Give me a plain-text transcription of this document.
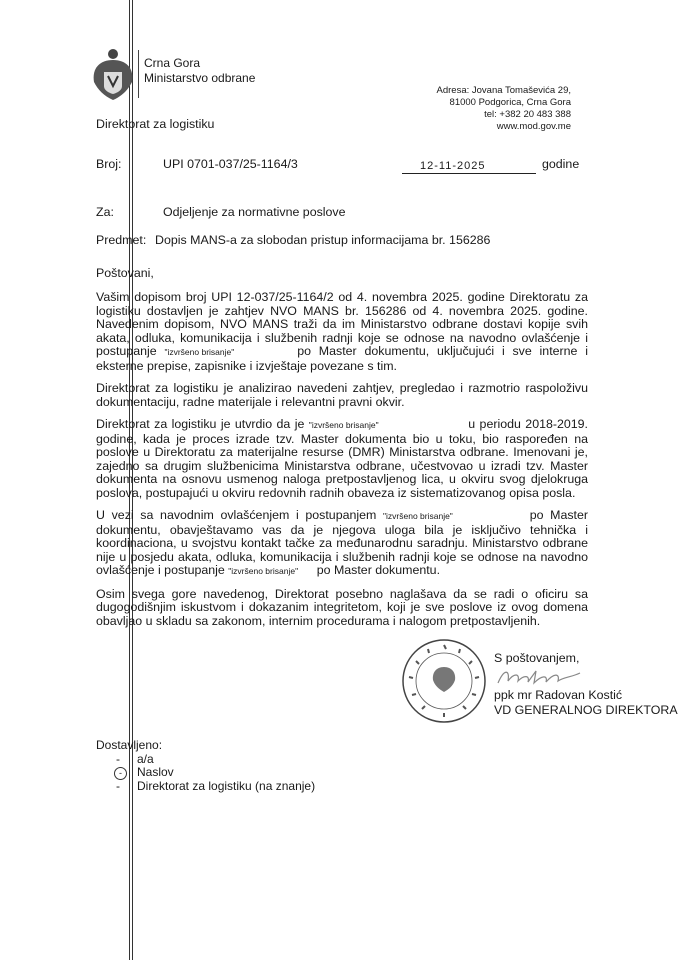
Crna Gora
Ministarstvo odbrane
Adresa: Jovana Tomaševića 29,
81000 Podgorica, Crna Gora
tel: +382 20 483 388
www.mod.gov.me
Direktorat za logistiku
Broj:	UPI 0701-037/25-1164/3	12-11-2025	godine
Za:	Odjeljenje za normativne poslove
Predmet: Dopis MANS-a za slobodan pristup informacijama br. 156286
Poštovani,
Vašim dopisom broj UPI 12-037/25-1164/2 od 4. novembra 2025. godine Direktoratu za logistiku dostavljen je zahtjev NVO MANS br. 156286 od 4. novembra 2025. godine. Navedenim dopisom, NVO MANS traži da im Ministarstvo odbrane dostavi kopije svih akata, odluka, komunikacija i službenih radnji koje se odnose na navodno ovlašćenje i postupanje "izvršeno brisanje"	po Master dokumentu, uključujući i sve interne i eksterne prepise, zapisnike i izvještaje povezane s tim.
Direktorat za logistiku je analizirao navedeni zahtjev, pregledao i razmotrio raspoloživu dokumentaciju, radne materijale i relevantni pravni okvir.
Direktorat za logistiku je utvrdio da je "izvršeno brisanje"	u periodu 2018-2019. godine, kada je proces izrade tzv. Master dokumenta bio u toku, bio raspoređen na poslove u Direktoratu za materijalne resurse (DMR) Ministarstva odbrane. Imenovani je, zajedno sa drugim službenicima Ministarstva odbrane, učestvovao u izradi tzv. Master dokumenta na osnovu usmenog naloga pretpostavljenog lica, u okviru svog djelokruga poslova, postupajući u okviru redovnih radnih obaveza iz sistematizovanog opisa posla.
U vezi sa navodnim ovlašćenjem i postupanjem "izvršeno brisanje"	po Master dokumentu, obavještavamo vas da je njegova uloga bila je isključivo tehnička i koordinaciona, u svojstvu kontakt tačke za međunarodnu saradnju. Ministarstvo odbrane nije u posjedu akata, odluka, komunikacija i službenih radnji koje se odnose na navodno ovlašćenje i postupanje "izvršeno brisanje" po Master dokumentu.
Osim svega gore navedenog, Direktorat posebno naglašava da se radi o oficiru sa dugogodišnjim iskustvom i dokazanim integritetom, koji je sve poslove iz ovog domena obavljao u skladu sa zakonom, internim procedurama i nalogom pretpostavljenih.
S poštovanjem,
ppk mr Radovan Kostić
VD GENERALNOG DIREKTORA
Dostavljeno:
- a/a
- Naslov
- Direktorat za logistiku (na znanje)
